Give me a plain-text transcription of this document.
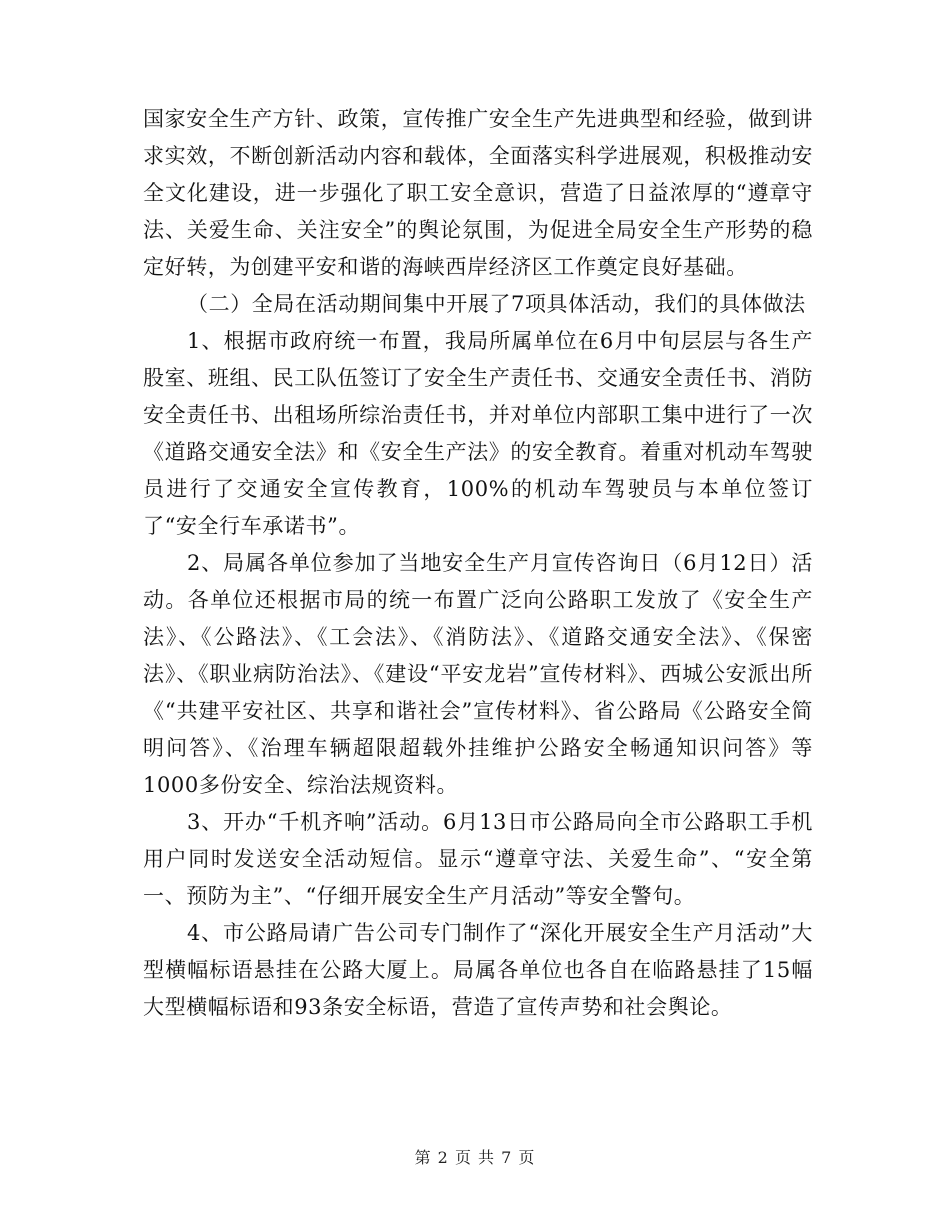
国家安全生产方针、政策，宣传推广安全生产先进典型和经验，做到讲求实效，不断创新活动内容和载体，全面落实科学进展观，积极推动安全文化建设，进一步强化了职工安全意识，营造了日益浓厚的“遵章守法、关爱生命、关注安全”的舆论氛围，为促进全局安全生产形势的稳定好转，为创建平安和谐的海峡西岸经济区工作奠定良好基础。

（二）全局在活动期间集中开展了7项具体活动，我们的具体做法

1、根据市政府统一布置，我局所属单位在6月中旬层层与各生产股室、班组、民工队伍签订了安全生产责任书、交通安全责任书、消防安全责任书、出租场所综治责任书，并对单位内部职工集中进行了一次《道路交通安全法》和《安全生产法》的安全教育。着重对机动车驾驶员进行了交通安全宣传教育，100%的机动车驾驶员与本单位签订了“安全行车承诺书”。

2、局属各单位参加了当地安全生产月宣传咨询日（6月12日）活动。各单位还根据市局的统一布置广泛向公路职工发放了《安全生产法》、《公路法》、《工会法》、《消防法》、《道路交通安全法》、《保密法》、《职业病防治法》、《建设“平安龙岩”宣传材料》、西城公安派出所《“共建平安社区、共享和谐社会”宣传材料》、省公路局《公路安全简明问答》、《治理车辆超限超载外挂维护公路安全畅通知识问答》等1000多份安全、综治法规资料。

3、开办“千机齐响”活动。6月13日市公路局向全市公路职工手机用户同时发送安全活动短信。显示“遵章守法、关爱生命”、“安全第一、预防为主”、“仔细开展安全生产月活动”等安全警句。

4、市公路局请广告公司专门制作了“深化开展安全生产月活动”大型横幅标语悬挂在公路大厦上。局属各单位也各自在临路悬挂了15幅大型横幅标语和93条安全标语，营造了宣传声势和社会舆论。

第 2 页 共 7 页
